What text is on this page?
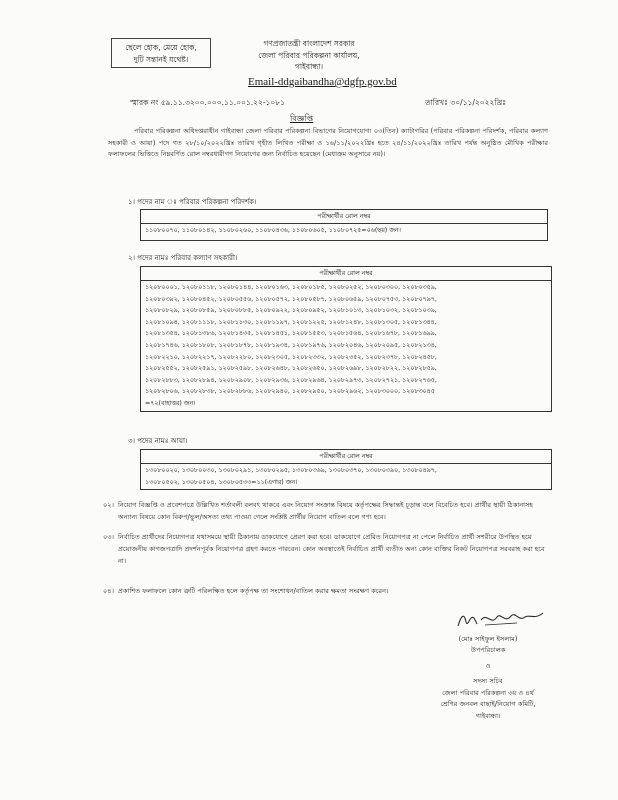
ছেলে হোক, মেয়ে হোক,
দুটি সন্তানই যথেষ্ট।
গণপ্রজাতন্ত্রী বাংলাদেশ সরকার
জেলা পরিবার পরিকল্পনা কার্যালয়,
গাইবান্ধা।
Email-ddgaibandha@dgfp.gov.bd
স্মারক নং ৫৯.১১.৩২০০.০০০.১১.০০১.২২-১০৮১	তারিখঃ ৩০/১১/২০২২খ্রিঃ
বিজ্ঞপ্তি
পরিবার পরিকল্পনা অধিদপ্তরাধীন গাইবান্ধা জেলা পরিবার পরিকল্পনা বিভাগের নিয়োগযোগ্য ০৩(তিন) ক্যাটাগরির (পরিবার পরিকল্পনা পরিদর্শক, পরিবার কল্যাণ সহকারী ও আয়া) পদে গত ২৮/১০/২০২২খ্রিঃ তারিখ গৃহীত লিখিত পরীক্ষা ও ১৬/১১/২০২২খ্রিঃ হতে ২৪/১১/২০২২খ্রিঃ তারিখ পর্যন্ত অনুষ্ঠিত মৌখিক পরীক্ষার ফলাফলের ভিত্তিতে নিম্নবর্ণিত রোল নম্বরধারীগণ নিয়োগের জন্য নির্বাচিত হয়েছেন (মেধাক্রম অনুসারে নয়)।
১। পদের নাম ঃ পরিবার পরিকল্পনা পরিদর্শক।
পরীক্ষার্থীর রোল নম্বর
১১০৮০০৭০, ১১০৮০১৪২, ১১০৮০২৬০, ১১০৮০৪৩৬, ১১০৮০৬০৫, ১১০৮০৭২৫=০৬(ছয়) জন।
২। পদের নামঃ পরিবার কল্যাণ সহকারী।
পরীক্ষার্থীর রোল নম্বর

১২০৮০০০১, ১২০৮০১১৮, ১২০৮০১৪৪, ১২০৮০১৬৩, ১২০৮০১৮৫, ১২০৮০২৫২, ১২০৮০৩০০, ১২০৮০৩৫৯,
১২০৮০৩৯২, ১২০৮০৪৫২, ১২০৮০৫৫৬, ১২০৮০৫৭২, ১২০৮০৫৮৭, ১২০৮০৬৫৯, ১২০৮০৭৫৩, ১২০৮০৭৯৭,
১২০৮০৮২৯, ১২০৮০৮৫৯, ১২০৮০৮৮৫, ১২০৮০৯২২, ১২০৮০৯৫২, ১২০৮১০১৩, ১২০৮১০৩২, ১২০৮১০৩৯,
১২০৮১০৯৪, ১২০৮১১১৮, ১২০৮১১৩০, ১২০৮১১৯৭, ১২০৮১২২৫, ১২০৮১২৪৮, ১২০৮১৩০৫, ১২০৮১৩৪৪,
১২০৮১৩৫৪, ১২০৮১৩৮৬, ১২০৮১৪৩৫, ১২০৮১৪৫১, ১২০৮১৫৫৩, ১২০৮১৫৬৪, ১২০৮১৬৭৮, ১২০৮১৬৯৯,
১২০৮১৭৪৬, ১২০৮১৮০৮, ১২০৮১৮৭৮, ১২০৮১৯৩৪, ১২০৮১৯৭৬, ১২০৮২০৪৬, ১২০৮২০৯৫, ১২০৮২১৩৪,
১২০৮২২১০, ১২০৮২২১৭, ১২০৮২২৮০, ১২০৮২৩০৫, ১২০৮২৩৩২, ১২০৮২৩৫২, ১২০৮২৩৭৮, ১২০৮২৪৫৮,
১২০৮২৫৫২, ১২০৮২৫৯১, ১২০৮২৫৯৮, ১২০৮২৬৪৮, ১২০৮২৬৫০, ১২০৮২৬৯৮, ১২০৮২৮২২, ১২০৮২৮৫৯,
১২০৮২৮৮৩, ১২০৮২৮৯৪, ১২০৮২৯০৮, ১২০৮২৯৩৬, ১২০৮২৯৬৪, ১২০৮২৯৭৩, ১২০৮২৭২১, ১২০৮২৭৬৫,
১২০৮২৮০৬, ১২০৮২৮৩৮, ১২০৮২৮৮৬, ১২০৮২৯৪০, ১২০৮২৯৫০, ১২০৮২৯৬২, ১২০৮৩০০০, ১২০৮৩০৪৫
=৭২(বাহাত্তর) জন।
৩। পদের নামঃ আয়া।
পরীক্ষার্থীর রোল নম্বর

১৩০৮০০২০, ১৩০৮০০৩০, ১৩০৮০২৯১, ১৩০৮০২৯৫, ১৩০৮০৩৬৯, ১৩০৮০৩৭০, ১৩০৮০৩৯০, ১৩০৮০৪৯৭,
১৩০৮০৫০২, ১৩০৮০৫০৪, ১৩০৮০৫৩৩=১১(এগার) জন।
০২। নিয়োগ বিজ্ঞপ্তি ও প্রবেশপত্রে উল্লিখিত শর্তাবলী বলবৎ থাকবে এবং নিয়োগ সংক্রান্ত বিষয়ে কর্তৃপক্ষের সিদ্ধান্তই চূড়ান্ত বলে বিবেচিত হবে। প্রার্থীর স্থায়ী ঠিকানাসহ অন্যান্য বিষয়ে কোন বিরুপ/ভুল/অসত্য তথ্য পাওয়া গেলে সংশ্লিষ্ট প্রার্থীর নিয়োগ বাতিল বলে গণ্য হবে।
০৩। নির্বাচিত প্রার্থীদের নিয়োগপত্র যথাসময়ে স্থায়ী ঠিকানায় ডাকযোগে প্রেরণ করা হবে। ডাকযোগে প্রেরিত নিয়োগপত্র না পেলে নির্বাচিত প্রার্থী সশরীরে উপস্থিত হয়ে প্রয়োজনীয় কাগজপত্রাদি প্রদর্শনপূর্বক নিয়োগপত্র গ্রহণ করতে পারবেন। কোন অবস্থাতেই নির্বাচিত প্রার্থী ব্যতীত অন্য কোন ব্যক্তির নিকট নিয়োগপত্র সরবরাহ করা হবে না।
০৪। প্রকাশিত ফলাফলে কোন ত্রুটি পরিলক্ষিত হলে কর্তৃপক্ষ তা সংশোধন/বাতিল করার ক্ষমতা সংরক্ষণ করেন।
(মোঃ সাইফুল ইসলাম)
উপপরিচালক
ও
সদস্য সচিব
জেলা পরিবার পরিকল্পনা ৩য় ও ৪র্থ
শ্রেণির জনবল বাছাই/নিয়োগ কমিটি,
গাইবান্ধা।
